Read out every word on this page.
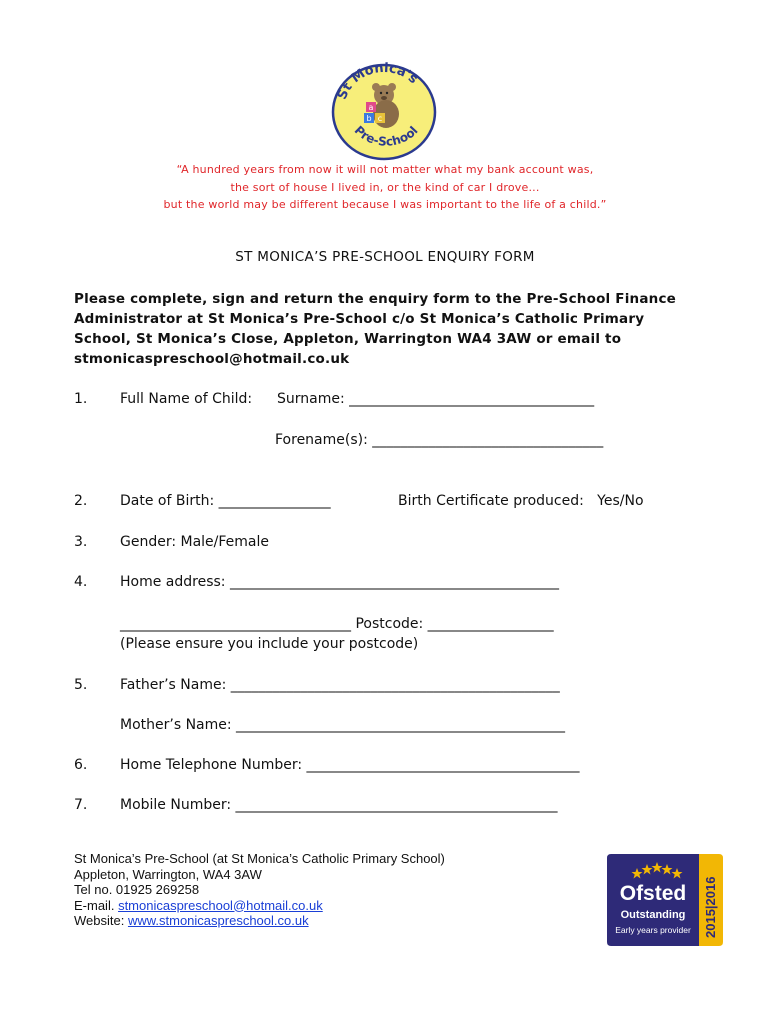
St Monica's
Pre-School
a
b c
“A hundred years from now it will not matter what my bank account was,
the sort of house I lived in, or the kind of car I drove...
but the world may be different because I was important to the life of a child.”
ST MONICA’S PRE-SCHOOL ENQUIRY FORM
Please complete, sign and return the enquiry form to the Pre-School Finance
Administrator at St Monica’s Pre-School c/o St Monica’s Catholic Primary
School, St Monica’s Close, Appleton, Warrington WA4 3AW or email to
stmonicaspreschool@hotmail.co.uk
1. Full Name of Child: Surname: ___________________________________
Forename(s): _________________________________
2. Date of Birth: ________________	Birth Certificate produced:   Yes/No
3. Gender: Male/Female
4. Home address: _______________________________________________
_________________________________ Postcode: __________________
(Please ensure you include your postcode)
5. Father’s Name: _______________________________________________
Mother’s Name: _______________________________________________
6. Home Telephone Number: _______________________________________
7. Mobile Number: ______________________________________________
St Monica’s Pre-School (at St Monica’s Catholic Primary School)
Appleton, Warrington, WA4 3AW
Tel no. 01925 269258
E-mail. stmonicaspreschool@hotmail.co.uk
Website: www.stmonicaspreschool.co.uk
Ofsted
Outstanding
Early years provider 2015|2016
